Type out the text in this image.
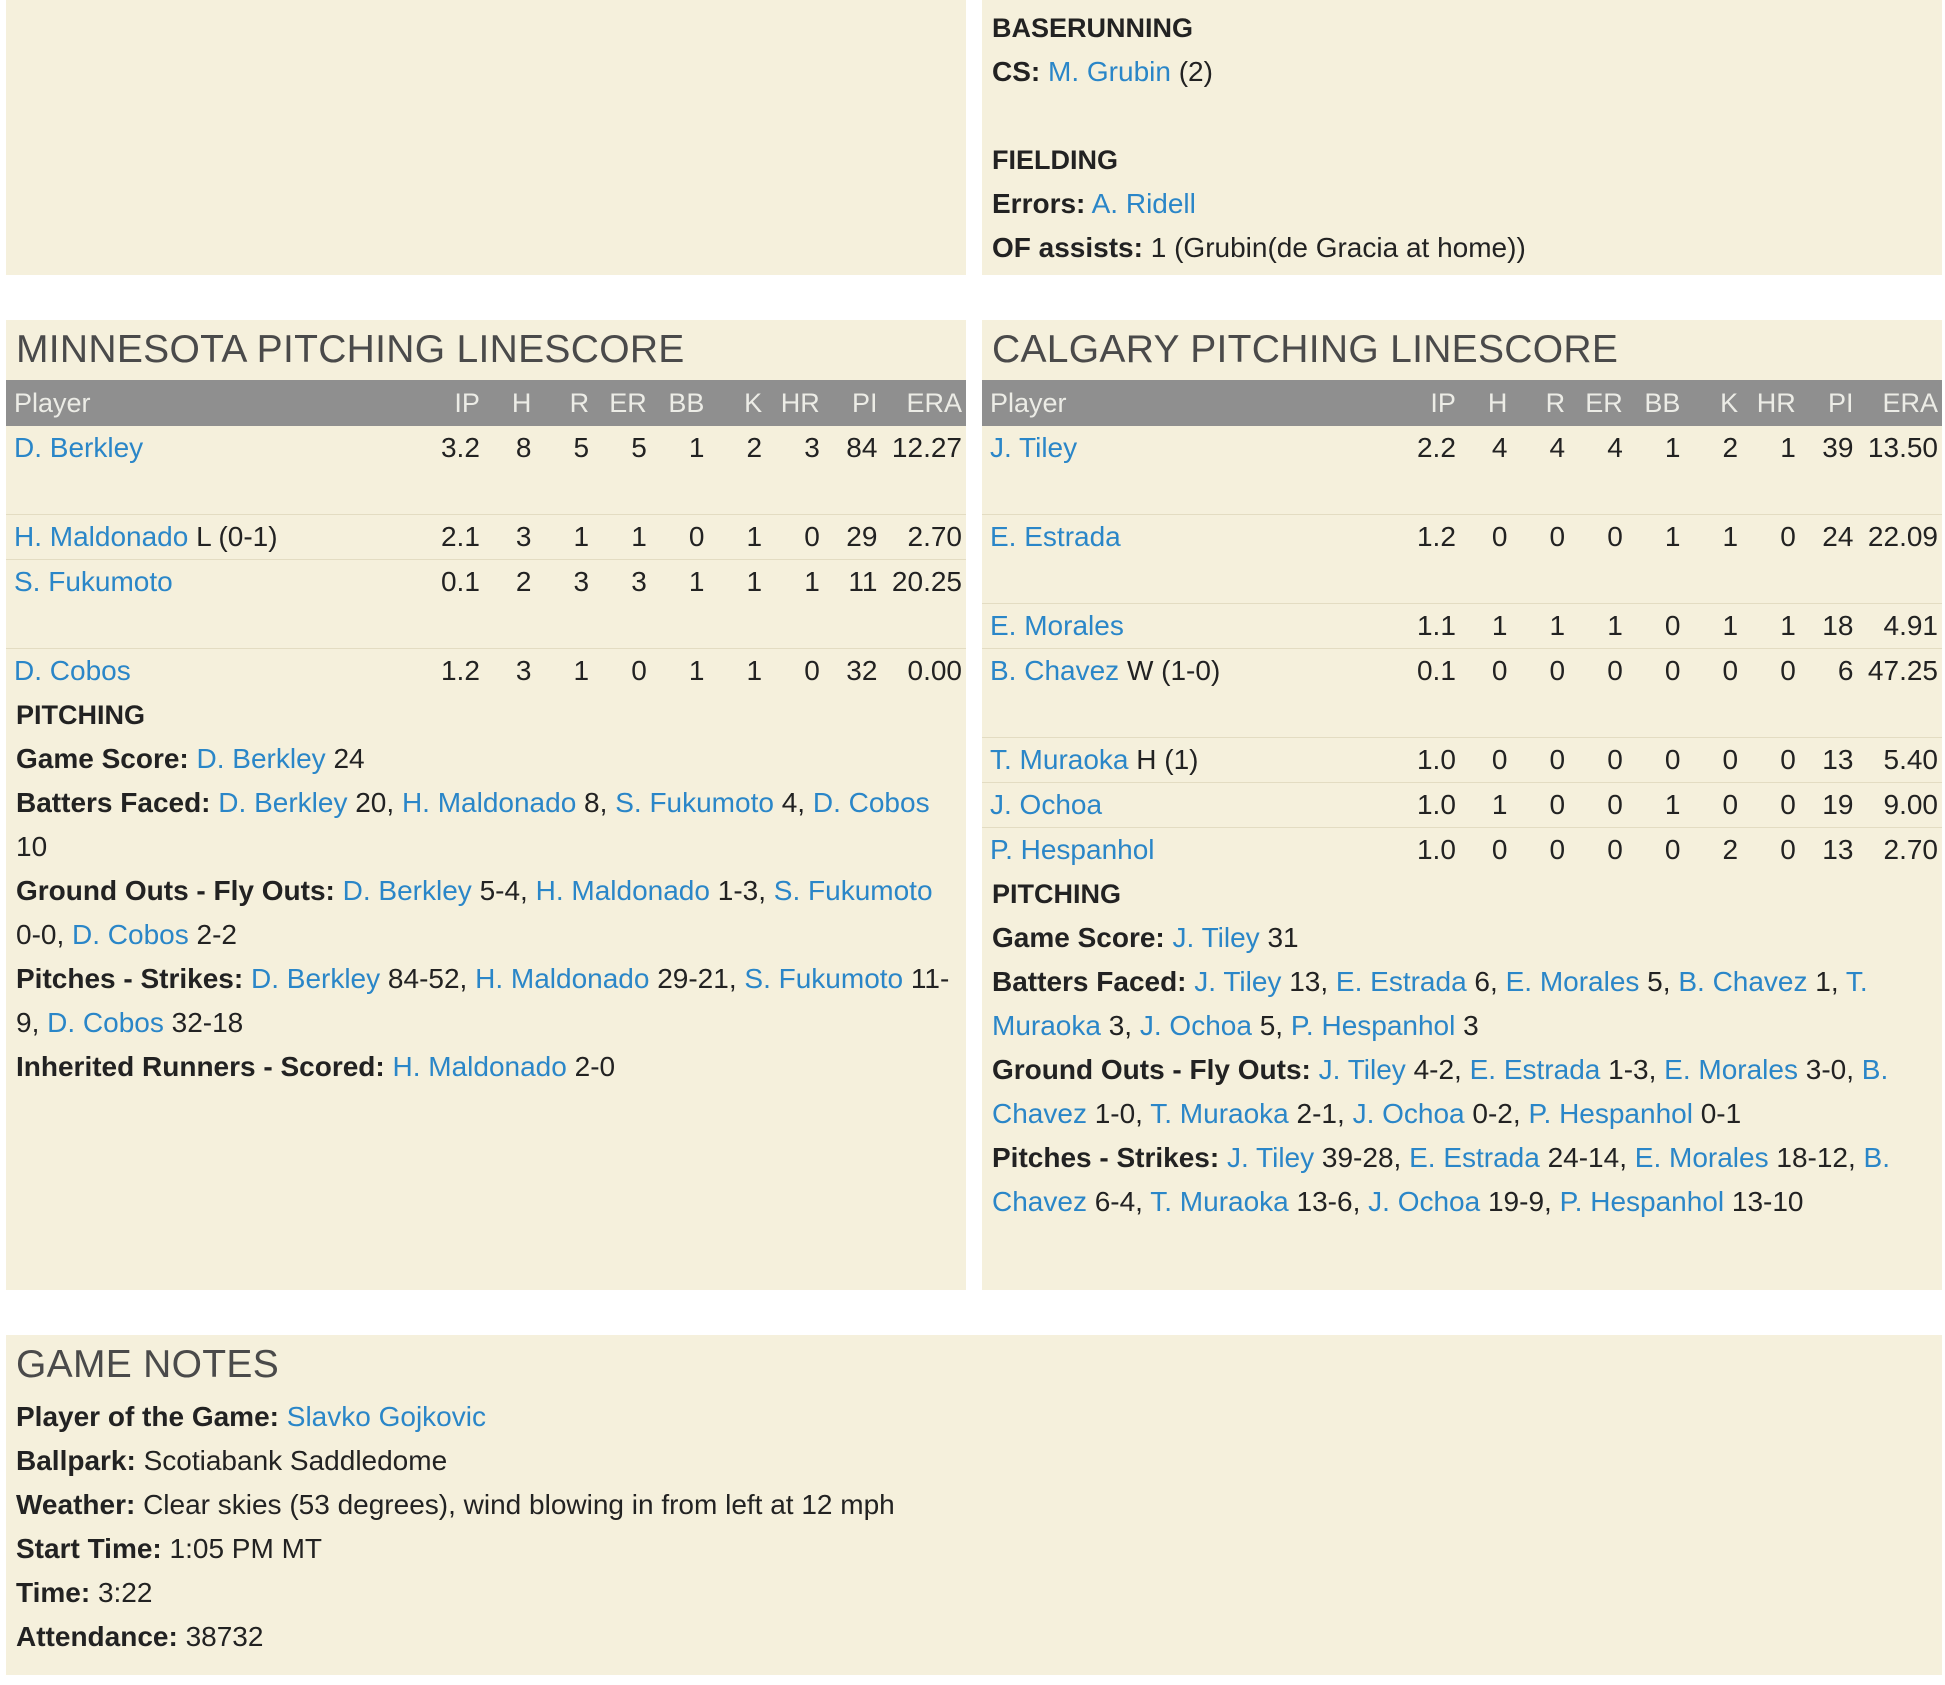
BASERUNNING
CS: M. Grubin (2)
FIELDING
Errors: A. Ridell
OF assists: 1 (Grubin(de Gracia at home))
MINNESOTA PITCHING LINESCORE
Player	IP	H	R	ER	BB	K	HR	PI	ERA
D. Berkley	3.2	8	5	5	1	2	3	84	12.27
H. Maldonado L (0-1)	2.1	3	1	1	0	1	0	29	2.70
S. Fukumoto	0.1	2	3	3	1	1	1	11	20.25
D. Cobos	1.2	3	1	0	1	1	0	32	0.00
PITCHING
Game Score: D. Berkley 24
Batters Faced: D. Berkley 20, H. Maldonado 8, S. Fukumoto 4, D. Cobos 10
Ground Outs - Fly Outs: D. Berkley 5-4, H. Maldonado 1-3, S. Fukumoto 0-0, D. Cobos 2-2
Pitches - Strikes: D. Berkley 84-52, H. Maldonado 29-21, S. Fukumoto 11-9, D. Cobos 32-18
Inherited Runners - Scored: H. Maldonado 2-0
CALGARY PITCHING LINESCORE
Player	IP	H	R	ER	BB	K	HR	PI	ERA
J. Tiley	2.2	4	4	4	1	2	1	39	13.50
E. Estrada	1.2	0	0	0	1	1	0	24	22.09
E. Morales	1.1	1	1	1	0	1	1	18	4.91
B. Chavez W (1-0)	0.1	0	0	0	0	0	0	6	47.25
T. Muraoka H (1)	1.0	0	0	0	0	0	0	13	5.40
J. Ochoa	1.0	1	0	0	1	0	0	19	9.00
P. Hespanhol	1.0	0	0	0	0	2	0	13	2.70
PITCHING
Game Score: J. Tiley 31
Batters Faced: J. Tiley 13, E. Estrada 6, E. Morales 5, B. Chavez 1, T. Muraoka 3, J. Ochoa 5, P. Hespanhol 3
Ground Outs - Fly Outs: J. Tiley 4-2, E. Estrada 1-3, E. Morales 3-0, B. Chavez 1-0, T. Muraoka 2-1, J. Ochoa 0-2, P. Hespanhol 0-1
Pitches - Strikes: J. Tiley 39-28, E. Estrada 24-14, E. Morales 18-12, B. Chavez 6-4, T. Muraoka 13-6, J. Ochoa 19-9, P. Hespanhol 13-10
GAME NOTES
Player of the Game: Slavko Gojkovic
Ballpark: Scotiabank Saddledome
Weather: Clear skies (53 degrees), wind blowing in from left at 12 mph
Start Time: 1:05 PM MT
Time: 3:22
Attendance: 38732
